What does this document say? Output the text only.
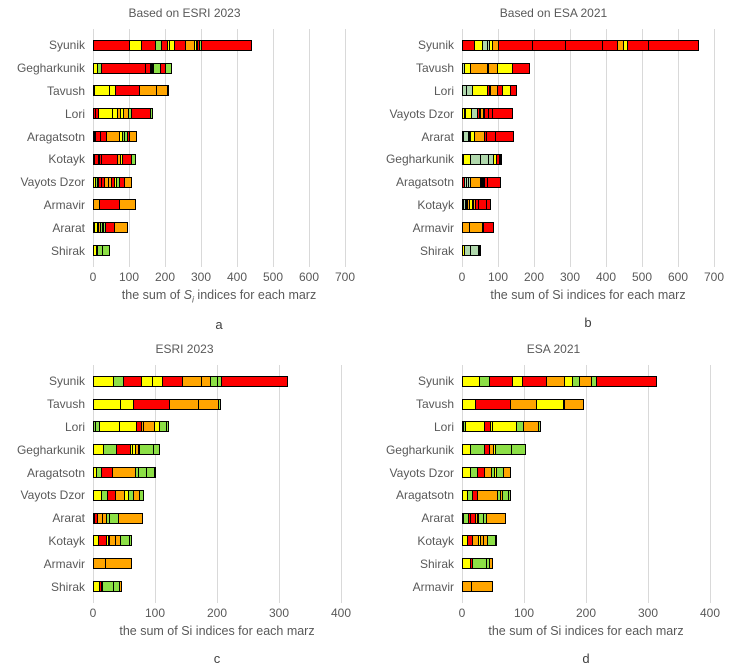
Based on ESRI 2023
Syunik
Gegharkunik
Tavush
Lori
Aragatsotn
Kotayk
Vayots Dzor
Armavir
Ararat
Shirak
0 100 200 300 400 500 600 700
the sum of $S_i$ indices for each marz
a
Based on ESA 2021
Syunik
Tavush
Lori
Vayots Dzor
Ararat
Gegharkunik
Aragatsotn
Kotayk
Armavir
Shirak
0 100 200 300 400 500 600 700
the sum of Si indices for each marz
b
ESRI 2023
Syunik
Tavush
Lori
Gegharkunik
Aragatsotn
Vayots Dzor
Ararat
Kotayk
Armavir
Shirak
0	100	200	300	400
the sum of Si indices for each marz
c
ESA 2021
Syunik
Tavush
Lori
Gegharkunik
Vayots Dzor
Aragatsotn
Ararat
Kotayk
Shirak
Armavir
0	100	200	300	400
the sum of Si indices for each marz
d
